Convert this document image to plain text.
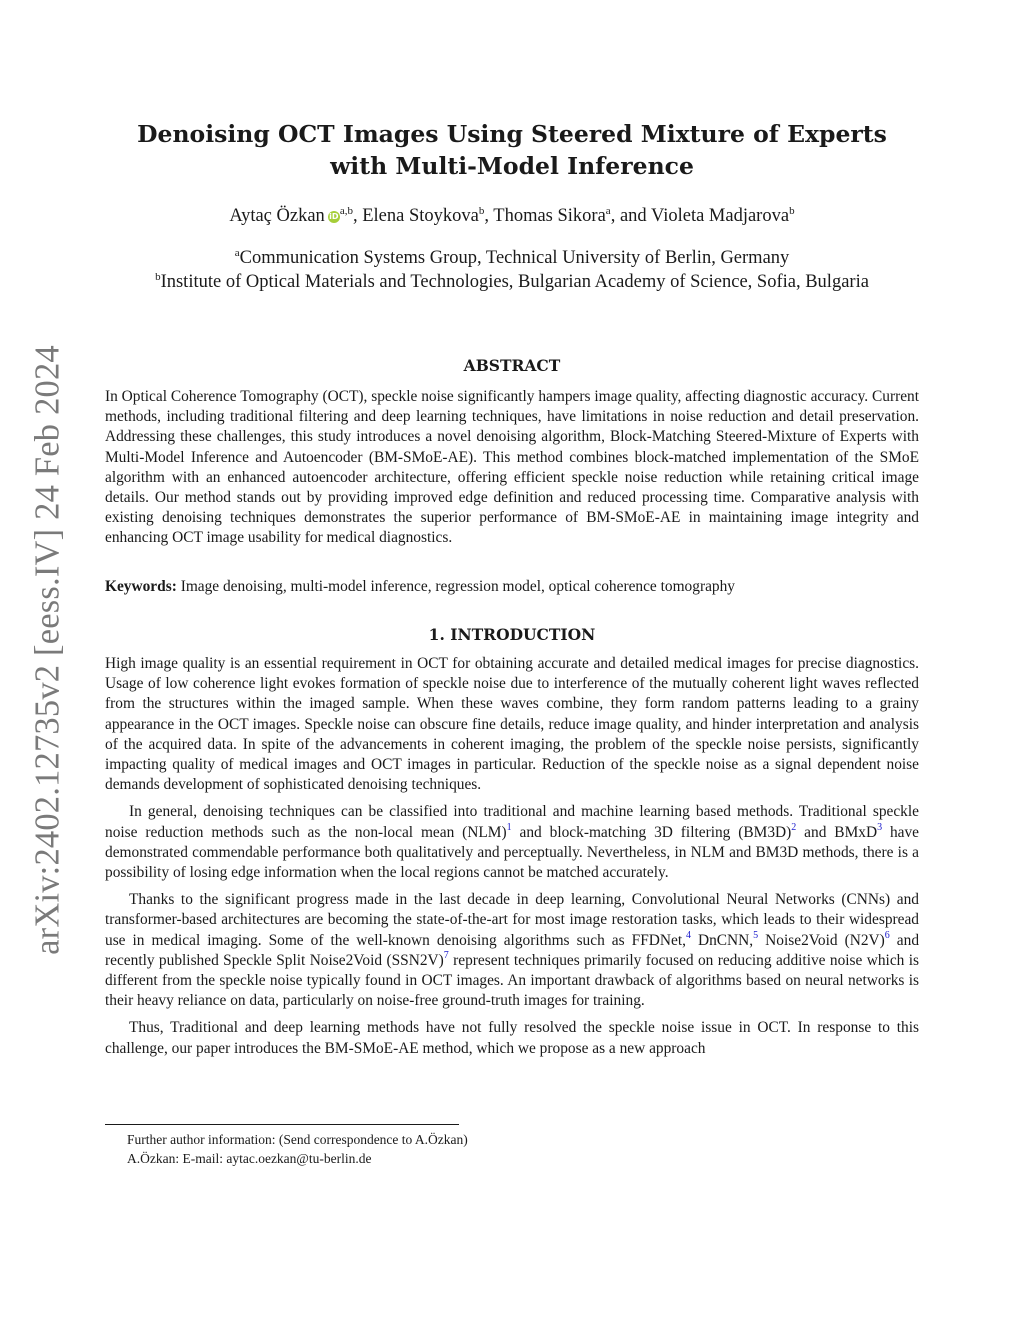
arXiv:2402.12735v2 [eess.IV] 24 Feb 2024
Denoising OCT Images Using Steered Mixture of Experts
with Multi-Model Inference
Aytaç Özkan iD$^{a,b}$, Elena Stoykova$^b$, Thomas Sikora$^a$, and Violeta Madjarova$^b$
$^a$Communication Systems Group, Technical University of Berlin, Germany
$^b$Institute of Optical Materials and Technologies, Bulgarian Academy of Science, Sofia, Bulgaria
ABSTRACT

In Optical Coherence Tomography (OCT), speckle noise significantly hampers image quality, affecting diagnostic accuracy. Current methods, including traditional filtering and deep learning techniques, have limitations in noise reduction and detail preservation. Addressing these challenges, this study introduces a novel denoising algorithm, Block-Matching Steered-Mixture of Experts with Multi-Model Inference and Autoencoder (BM-SMoE-AE). This method combines block-matched implementation of the SMoE algorithm with an enhanced autoencoder architecture, offering efficient speckle noise reduction while retaining critical image details. Our method stands out by providing improved edge definition and reduced processing time. Comparative analysis with existing denoising techniques demonstrates the superior performance of BM-SMoE-AE in maintaining image integrity and enhancing OCT image usability for medical diagnostics.

Keywords: Image denoising, multi-model inference, regression model, optical coherence tomography

1. INTRODUCTION

High image quality is an essential requirement in OCT for obtaining accurate and detailed medical images for precise diagnostics. Usage of low coherence light evokes formation of speckle noise due to interference of the mutually coherent light waves reflected from the structures within the imaged sample. When these waves combine, they form random patterns leading to a grainy appearance in the OCT images. Speckle noise can obscure fine details, reduce image quality, and hinder interpretation and analysis of the acquired data. In spite of the advancements in coherent imaging, the problem of the speckle noise persists, significantly impacting quality of medical images and OCT images in particular. Reduction of the speckle noise as a signal dependent noise demands development of sophisticated denoising techniques.

In general, denoising techniques can be classified into traditional and machine learning based methods. Traditional speckle noise reduction methods such as the non-local mean (NLM)$^1$ and block-matching 3D filtering (BM3D)$^2$ and BMxD$^3$ have demonstrated commendable performance both qualitatively and perceptually. Nevertheless, in NLM and BM3D methods, there is a possibility of losing edge information when the local regions cannot be matched accurately.

Thanks to the significant progress made in the last decade in deep learning, Convolutional Neural Networks (CNNs) and transformer-based architectures are becoming the state-of-the-art for most image restoration tasks, which leads to their widespread use in medical imaging. Some of the well-known denoising algorithms such as FFDNet,$^4$ DnCNN,$^5$ Noise2Void (N2V)$^6$ and recently published Speckle Split Noise2Void (SSN2V)$^7$ represent techniques primarily focused on reducing additive noise which is different from the speckle noise typically found in OCT images. An important drawback of algorithms based on neural networks is their heavy reliance on data, particularly on noise-free ground-truth images for training.

Thus, Traditional and deep learning methods have not fully resolved the speckle noise issue in OCT. In response to this challenge, our paper introduces the BM-SMoE-AE method, which we propose as a new approach

Further author information: (Send correspondence to A.Özkan)
A.Özkan: E-mail: aytac.oezkan@tu-berlin.de
